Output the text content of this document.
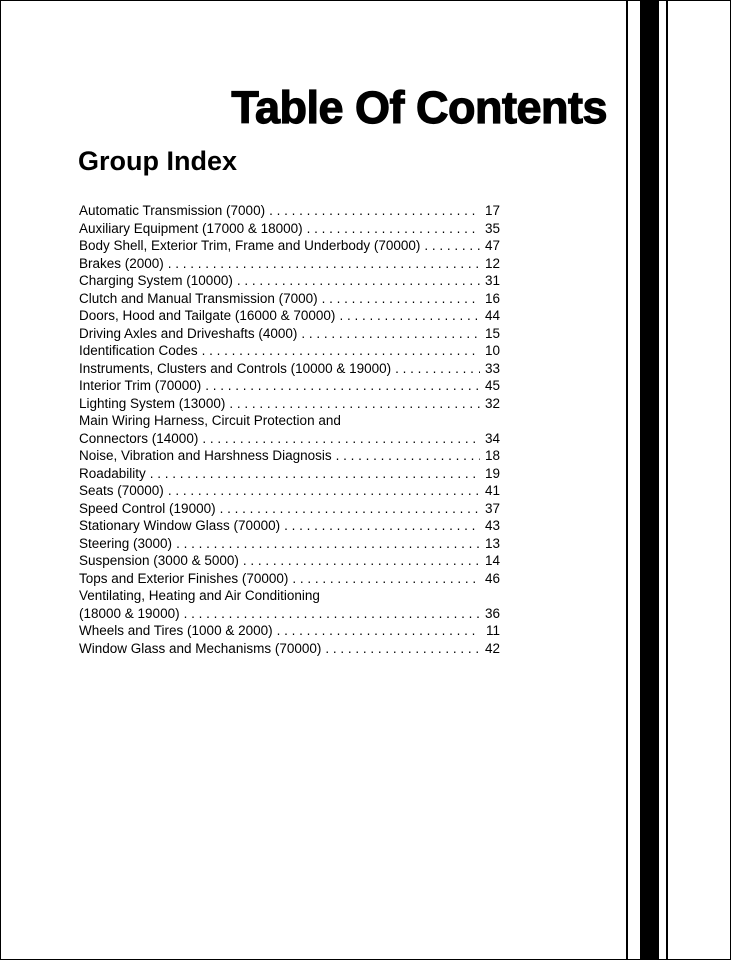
Table Of Contents
Group Index
Automatic Transmission (7000) . . .	17
Auxiliary Equipment (17000 & 18000) . . .	35
Body Shell, Exterior Trim, Frame and Underbody (70000) . . .	47
Brakes (2000) . . .	12
Charging System (10000) . . .	31
Clutch and Manual Transmission (7000) . . .	16
Doors, Hood and Tailgate (16000 & 70000) . . .	44
Driving Axles and Driveshafts (4000) . . .	15
Identification Codes . . .	10
Instruments, Clusters and Controls (10000 & 19000) . . .	33
Interior Trim (70000) . . .	45
Lighting System (13000) . . .	32
Main Wiring Harness, Circuit Protection and
Connectors (14000) . . .	34
Noise, Vibration and Harshness Diagnosis . . .	18
Roadability . . .	19
Seats (70000) . . .	41
Speed Control (19000) . . .	37
Stationary Window Glass (70000) . . .	43
Steering (3000) . . .	13
Suspension (3000 & 5000) . . .	14
Tops and Exterior Finishes (70000) . . .	46
Ventilating, Heating and Air Conditioning
(18000 & 19000) . . .	36
Wheels and Tires (1000 & 2000) . . .	11
Window Glass and Mechanisms (70000) . . .	42
